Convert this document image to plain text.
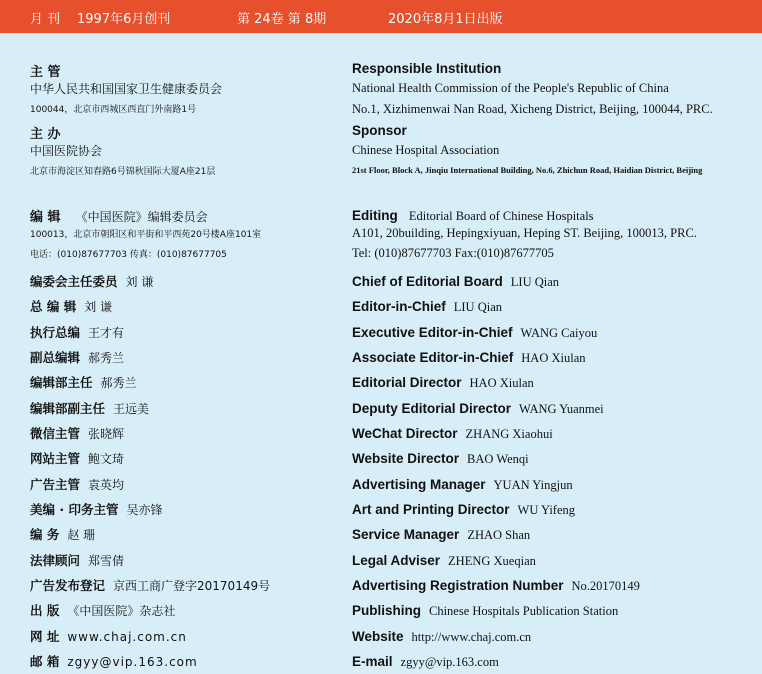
月 刊 1997年6月创刊	第 24卷 第 8期	2020年8月1日出版
主 管
中华人民共和国国家卫生健康委员会
100044，北京市西城区西直门外南路1号
主 办
中国医院协会
北京市海淀区知春路6号锦秋国际大厦A座21层
编 辑 《中国医院》编辑委员会
100013，北京市朝阳区和平街和平西苑20号楼A座101室
电话：(010)87677703 传真：(010)87677705
编委会主任委员 刘 谦
总 编 辑 刘 谦
执行总编 王才有
副总编辑 郝秀兰
编辑部主任 郝秀兰
编辑部副主任 王远美
微信主管 张晓辉
网站主管 鲍文琦
广告主管 袁英均
美编 · 印务主管 吴亦锋
编 务 赵 珊
法律顾问 郑雪倩
广告发布登记 京西工商广登字20170149号
出 版 《中国医院》杂志社
网 址 www.chaj.com.cn
邮 箱 zgyy@vip.163.com
Responsible Institution
National Health Commission of the People's Republic of China
No.1, Xizhimenwai Nan Road, Xicheng District, Beijing, 100044, PRC.
Sponsor
Chinese Hospital Association
21st Floor, Block A, Jinqiu International Building, No.6, Zhichun Road, Haidian District, Beijing
Editing Editorial Board of Chinese Hospitals
A101, 20building, Hepingxiyuan, Heping ST. Beijing, 100013, PRC.
Tel: (010)87677703 Fax:(010)87677705
Chief of Editorial Board LIU Qian
Editor-in-Chief LIU Qian
Executive Editor-in-Chief WANG Caiyou
Associate Editor-in-Chief HAO Xiulan
Editorial Director HAO Xiulan
Deputy Editorial Director WANG Yuanmei
WeChat Director ZHANG Xiaohui
Website Director BAO Wenqi
Advertising Manager YUAN Yingjun
Art and Printing Director WU Yifeng
Service Manager ZHAO Shan
Legal Adviser ZHENG Xueqian
Advertising Registration Number No.20170149
Publishing Chinese Hospitals Publication Station
Website http://www.chaj.com.cn
E-mail zgyy@vip.163.com
